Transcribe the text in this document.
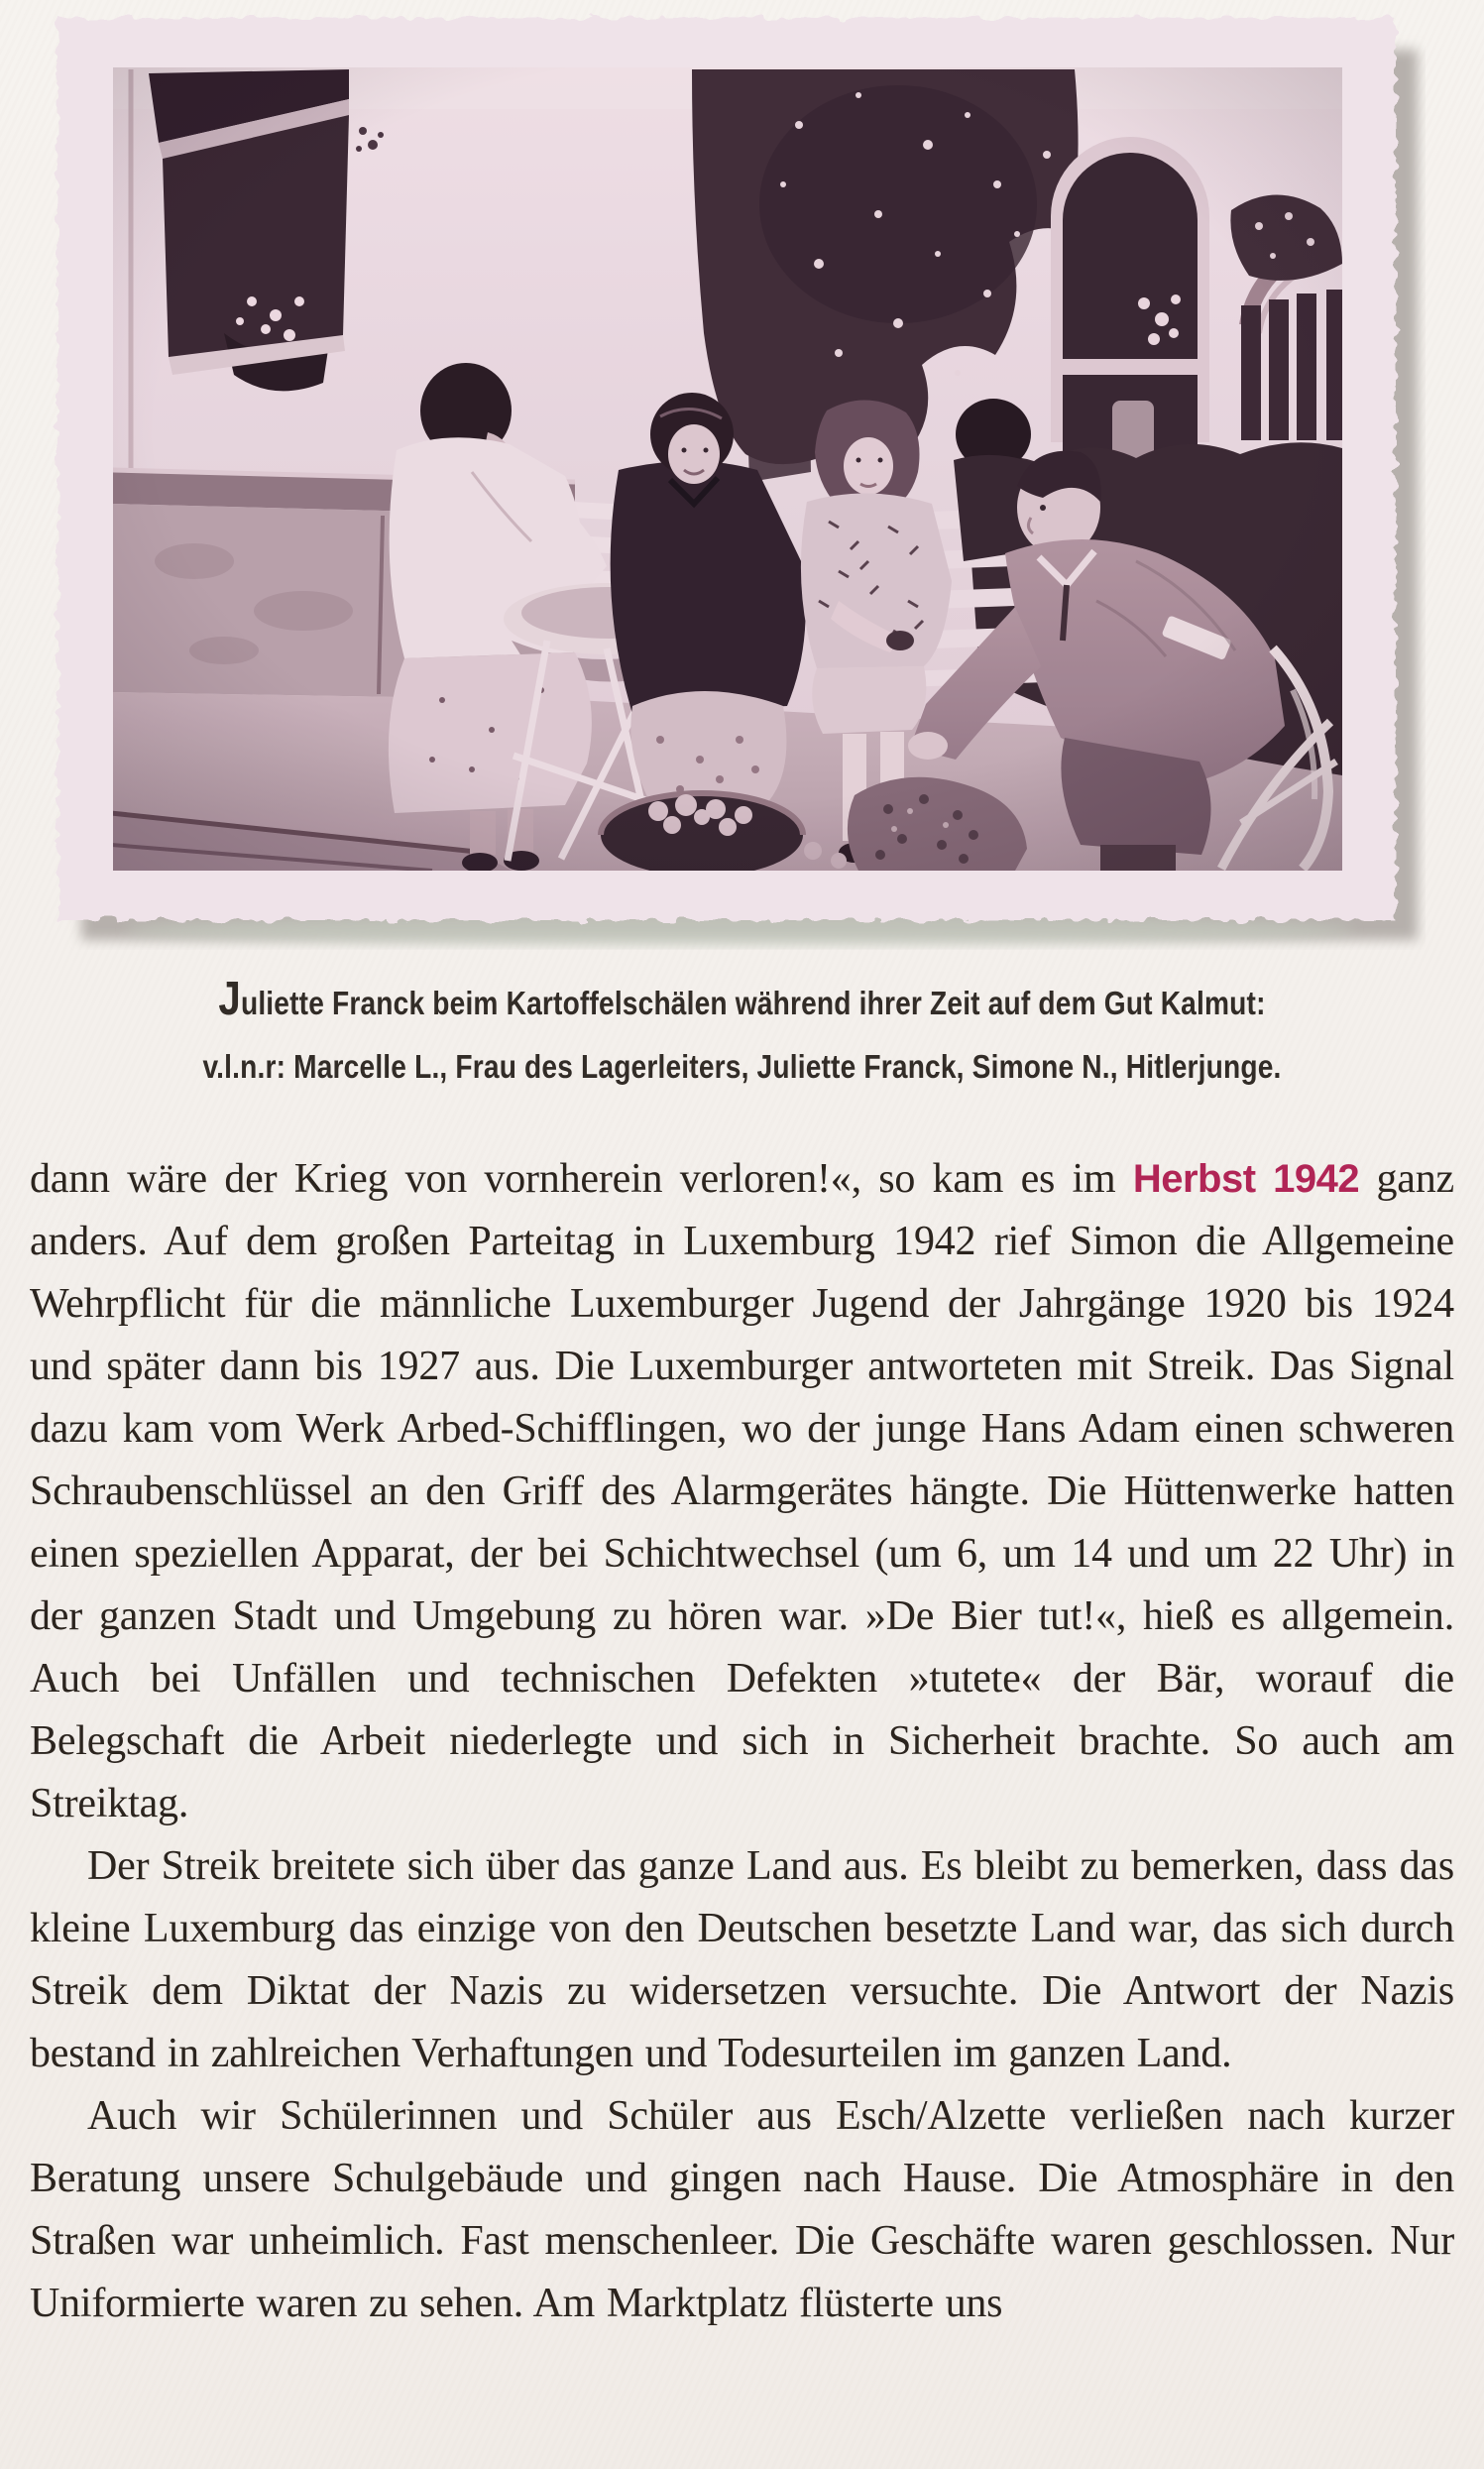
Juliette Franck beim Kartoffelschälen während ihrer Zeit auf dem Gut Kalmut:
v.l.n.r: Marcelle L., Frau des Lagerleiters, Juliette Franck, Simone N., Hitlerjunge.

dann wäre der Krieg von vornherein verloren!«, so kam es im Herbst 1942 ganz anders. Auf dem großen Parteitag in Luxemburg 1942 rief Simon die Allgemeine Wehrpflicht für die männliche Luxemburger Jugend der Jahrgänge 1920 bis 1924 und später dann bis 1927 aus. Die Luxemburger antworteten mit Streik. Das Signal dazu kam vom Werk Arbed-Schifflingen, wo der junge Hans Adam einen schweren Schraubenschlüssel an den Griff des Alarmgerätes hängte. Die Hüttenwerke hatten einen speziellen Apparat, der bei Schichtwechsel (um 6, um 14 und um 22 Uhr) in der ganzen Stadt und Umgebung zu hören war. »De Bier tut!«, hieß es allgemein. Auch bei Unfällen und technischen Defekten »tutete« der Bär, worauf die Belegschaft die Arbeit niederlegte und sich in Sicherheit brachte. So auch am Streiktag.

Der Streik breitete sich über das ganze Land aus. Es bleibt zu bemerken, dass das kleine Luxemburg das einzige von den Deutschen besetzte Land war, das sich durch Streik dem Diktat der Nazis zu widersetzen versuchte. Die Antwort der Nazis bestand in zahlreichen Verhaftungen und Todesurteilen im ganzen Land.

Auch wir Schülerinnen und Schüler aus Esch/Alzette verließen nach kurzer Beratung unsere Schulgebäude und gingen nach Hause. Die Atmosphäre in den Straßen war unheimlich. Fast menschenleer. Die Geschäfte waren geschlossen. Nur Uniformierte waren zu sehen. Am Marktplatz flüsterte uns
